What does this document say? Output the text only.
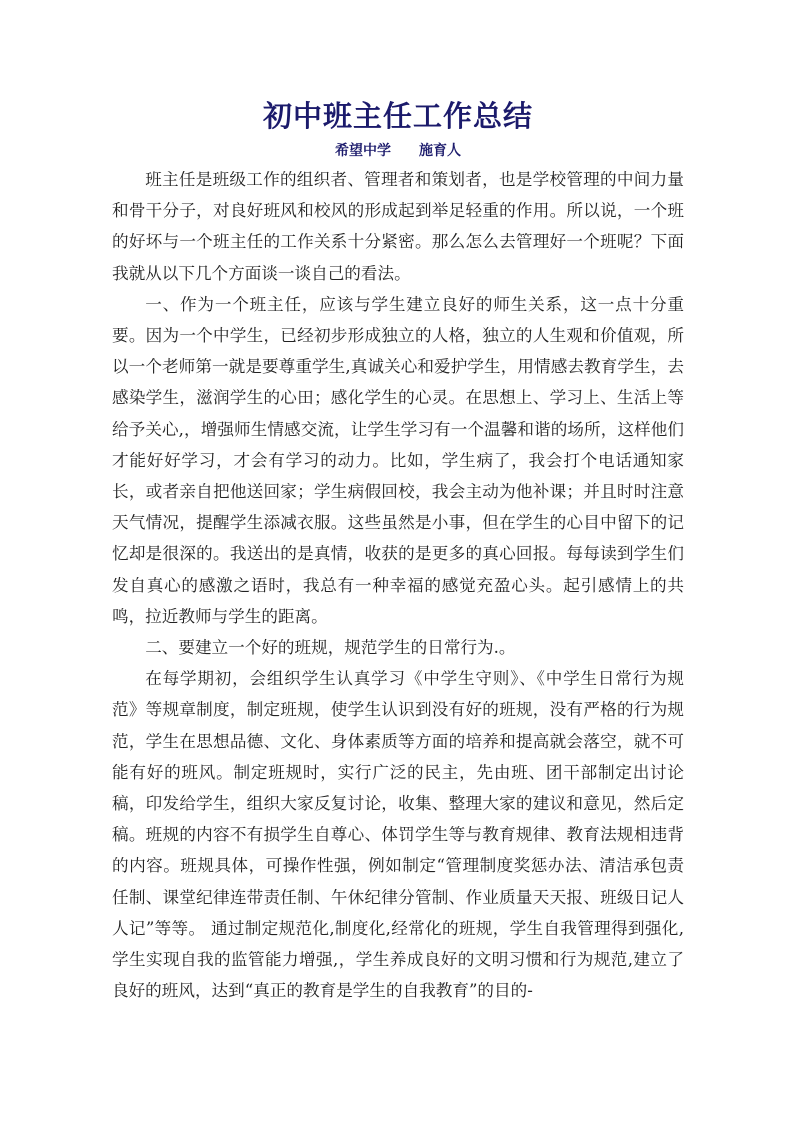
初中班主任工作总结
希望中学 施育人

班主任是班级工作的组织者、管理者和策划者，也是学校管理的中间力量和骨干分子，对良好班风和校风的形成起到举足轻重的作用。所以说，一个班的好坏与一个班主任的工作关系十分紧密。那么怎么去管理好一个班呢？下面我就从以下几个方面谈一谈自己的看法。

一、作为一个班主任，应该与学生建立良好的师生关系，这一点十分重要。因为一个中学生，已经初步形成独立的人格，独立的人生观和价值观，所以一个老师第一就是要尊重学生,真诚关心和爱护学生，用情感去教育学生，去感染学生，滋润学生的心田；感化学生的心灵。在思想上、学习上、生活上等给予关心,，增强师生情感交流，让学生学习有一个温馨和谐的场所，这样他们才能好好学习，才会有学习的动力。比如，学生病了，我会打个电话通知家长，或者亲自把他送回家；学生病假回校，我会主动为他补课；并且时时注意天气情况，提醒学生添减衣服。这些虽然是小事，但在学生的心目中留下的记忆却是很深的。我送出的是真情，收获的是更多的真心回报。每每读到学生们发自真心的感激之语时，我总有一种幸福的感觉充盈心头。起引感情上的共鸣，拉近教师与学生的距离。

二、要建立一个好的班规，规范学生的日常行为.。

在每学期初，会组织学生认真学习《中学生守则》、《中学生日常行为规范》等规章制度，制定班规，使学生认识到没有好的班规，没有严格的行为规范，学生在思想品德、文化、身体素质等方面的培养和提高就会落空，就不可能有好的班风。制定班规时，实行广泛的民主，先由班、团干部制定出讨论稿，印发给学生，组织大家反复讨论，收集、整理大家的建议和意见，然后定稿。班规的内容不有损学生自尊心、体罚学生等与教育规律、教育法规相违背的内容。班规具体，可操作性强，例如制定“管理制度奖惩办法、清洁承包责任制、课堂纪律连带责任制、午休纪律分管制、作业质量天天报、班级日记人人记”等等。 通过制定规范化,制度化,经常化的班规，学生自我管理得到强化,学生实现自我的监管能力增强,，学生养成良好的文明习惯和行为规范,建立了良好的班风，达到“真正的教育是学生的自我教育”的目的-
